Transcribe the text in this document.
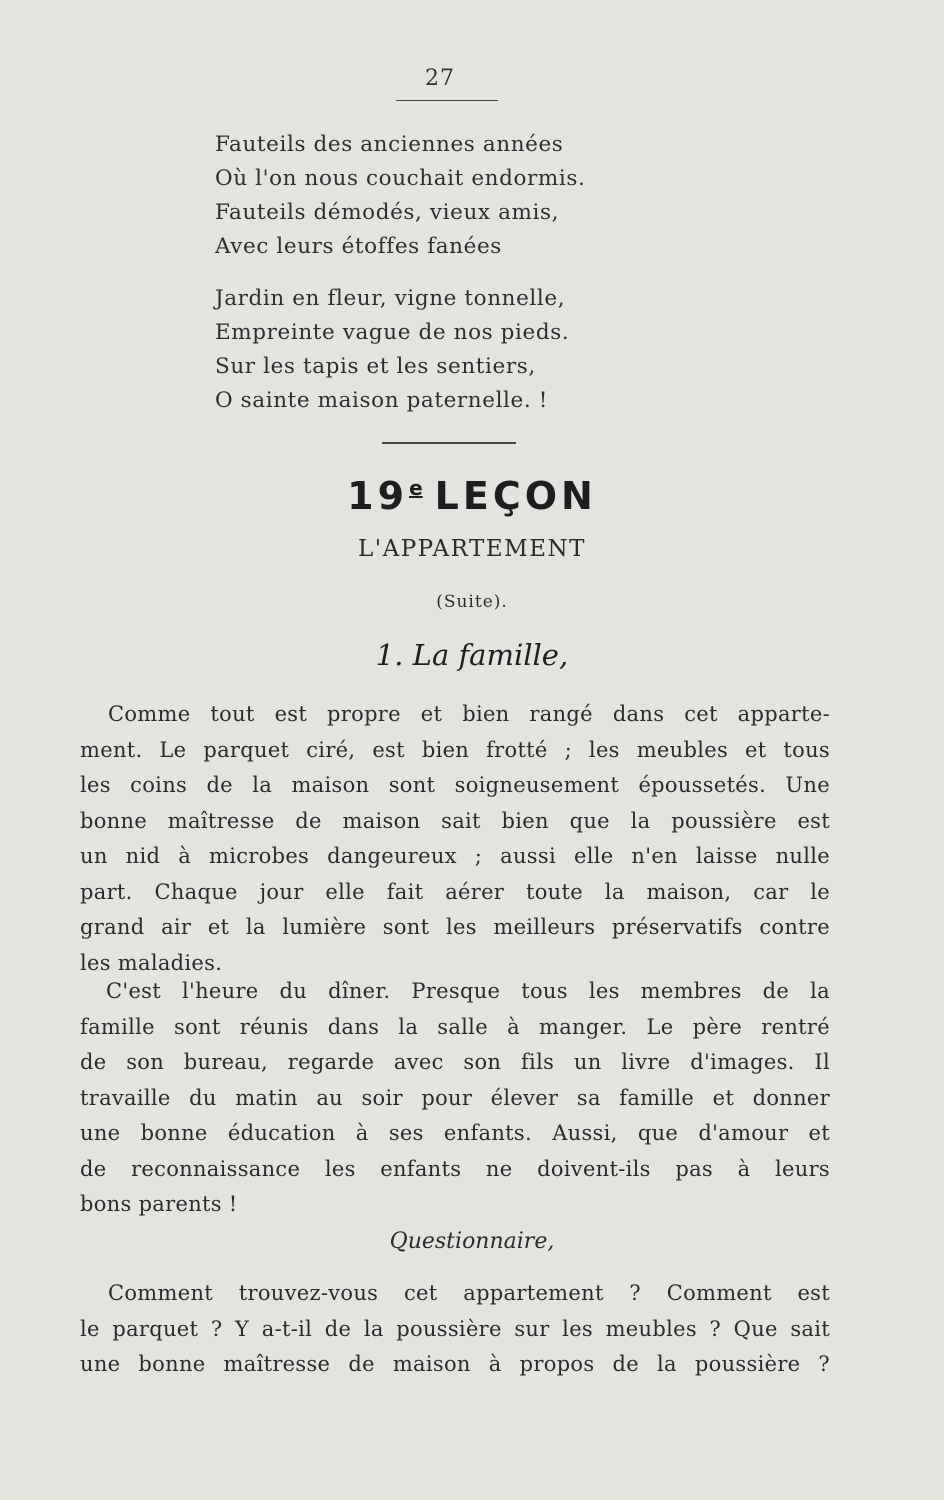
27
Fauteils des anciennes années
Où l'on nous couchait endormis.
Fauteils démodés, vieux amis,
Avec leurs étoffes fanées
Jardin en fleur, vigne tonnelle,
Empreinte vague de nos pieds.
Sur les tapis et les sentiers,
O sainte maison paternelle. !
19e LEÇON
L'APPARTEMENT
(Suite).
1. La famille,
Comme tout est propre et bien rangé dans cet apparte-
ment. Le parquet ciré, est bien frotté ; les meubles et tous
les coins de la maison sont soigneusement époussetés. Une
bonne maîtresse de maison sait bien que la poussière est
un nid à microbes dangeureux ; aussi elle n'en laisse nulle
part. Chaque jour elle fait aérer toute la maison, car le
grand air et la lumière sont les meilleurs préservatifs contre
les maladies.
C'est l'heure du dîner. Presque tous les membres de la
famille sont réunis dans la salle à manger. Le père rentré
de son bureau, regarde avec son fils un livre d'images. Il
travaille du matin au soir pour élever sa famille et donner
une bonne éducation à ses enfants. Aussi, que d'amour et
de reconnaissance les enfants ne doivent-ils pas à leurs
bons parents !
Questionnaire,
Comment trouvez-vous cet appartement ? Comment est
le parquet ? Y a-t-il de la poussière sur les meubles ? Que sait
une bonne maîtresse de maison à propos de la poussière ?
